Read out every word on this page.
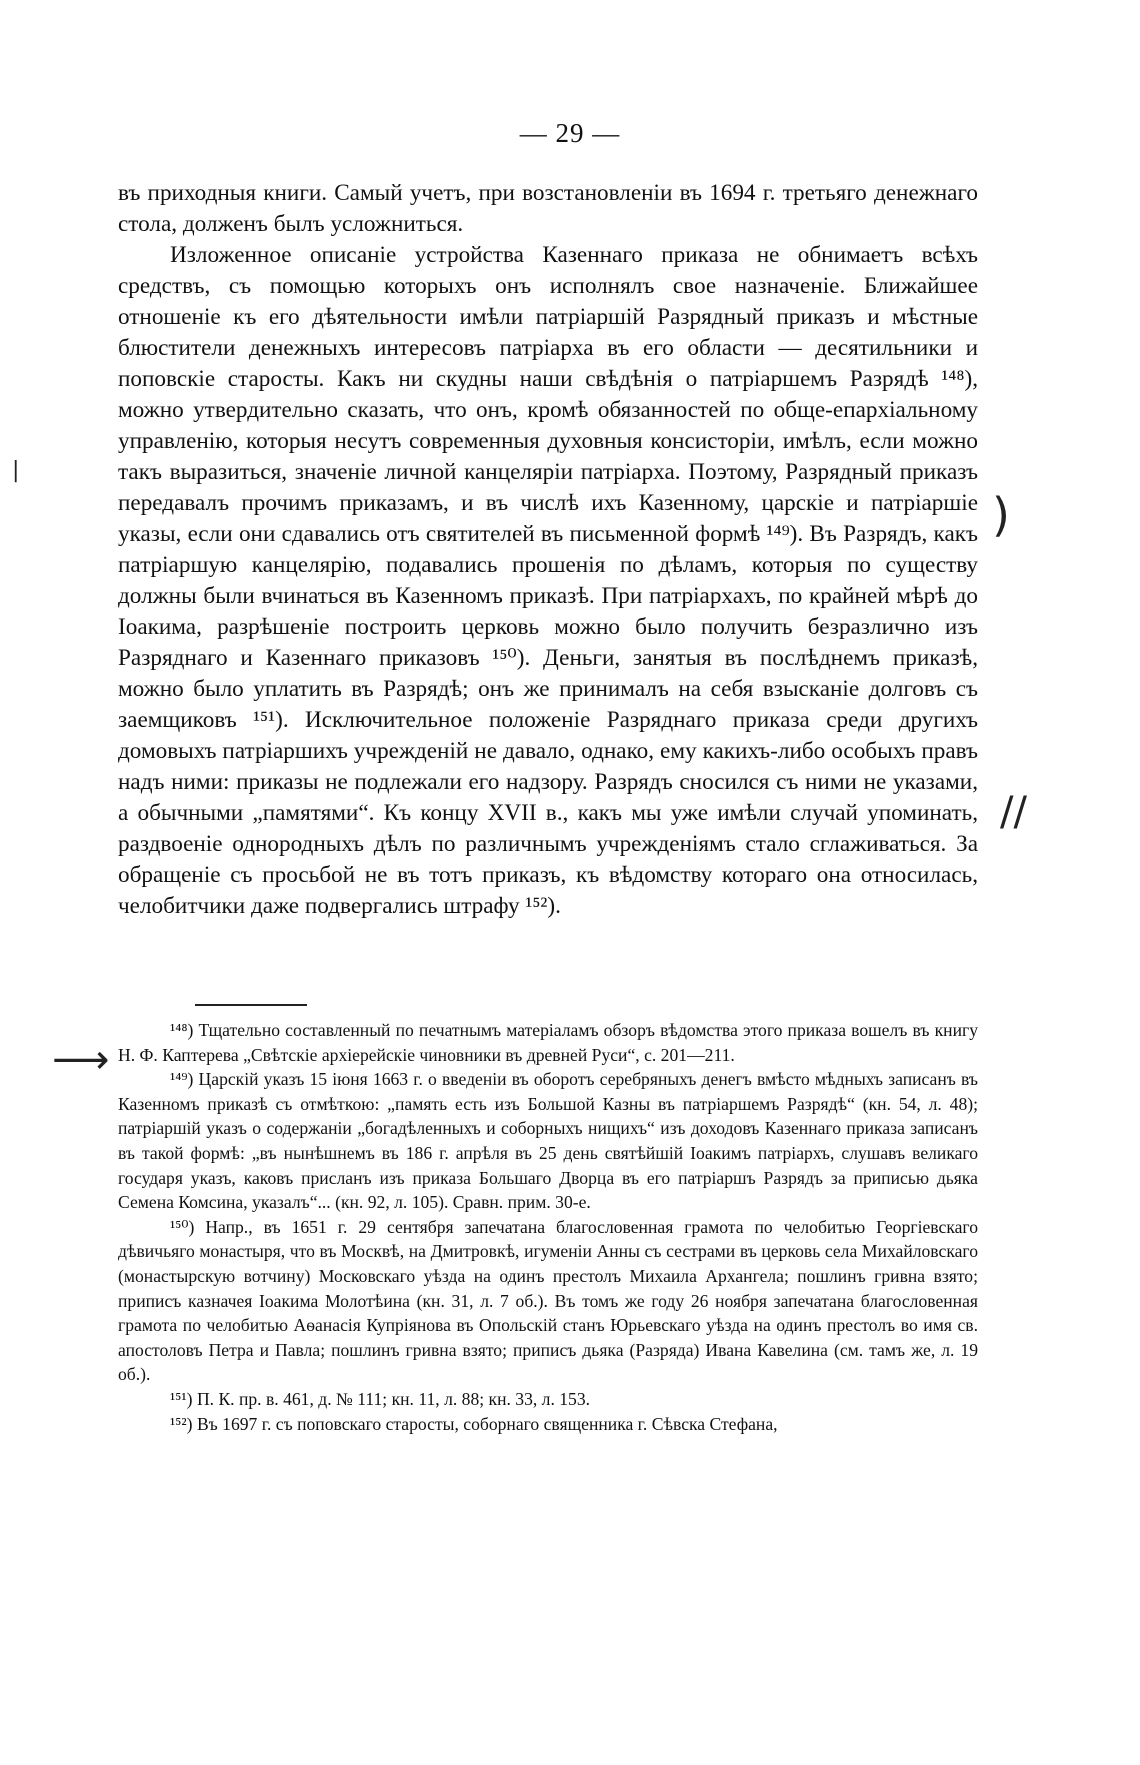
— 29 —

въ приходныя книги. Самый учетъ, при возстановленіи въ 1694 г. третьяго денежнаго стола, долженъ былъ усложниться.

Изложенное описаніе устройства Казеннаго приказа не обнимаетъ всѣхъ средствъ, съ помощью которыхъ онъ исполнялъ свое назначеніе. Ближайшее отношеніе къ его дѣятельности имѣли патріаршій Разрядный приказъ и мѣстные блюстители денежныхъ интересовъ патріарха въ его области — десятильники и поповскіе старосты. Какъ ни скудны наши свѣдѣнія о патріаршемъ Разрядѣ ¹⁴⁸), можно утвердительно сказать, что онъ, кромѣ обязанностей по обще-епархіальному управленію, которыя несутъ современныя духовныя консисторіи, имѣлъ, если можно такъ выразиться, значеніе личной канцеляріи патріарха. Поэтому, Разрядный приказъ передавалъ прочимъ приказамъ, и въ числѣ ихъ Казенному, царскіе и патріаршіе указы, если они сдавались отъ святителей въ письменной формѣ ¹⁴⁹). Въ Разрядъ, какъ патріаршую канцелярію, подавались прошенія по дѣламъ, которыя по существу должны были вчинаться въ Казенномъ приказѣ. При патріархахъ, по крайней мѣрѣ до Іоакима, разрѣшеніе построить церковь можно было получить безразлично изъ Разряднаго и Казеннаго приказовъ ¹⁵⁰). Деньги, занятыя въ послѣднемъ приказѣ, можно было уплатить въ Разрядѣ; онъ же принималъ на себя взысканіе долговъ съ заемщиковъ ¹⁵¹). Исключительное положеніе Разряднаго приказа среди другихъ домовыхъ патріаршихъ учрежденій не давало, однако, ему какихъ-либо особыхъ правъ надъ ними: приказы не подлежали его надзору. Разрядъ сносился съ ними не указами, а обычными „памятями“. Къ концу XVII в., какъ мы уже имѣли случай упоминать, раздвоеніе однородныхъ дѣлъ по различнымъ учрежденіямъ стало сглаживаться. За обращеніе съ просьбой не въ тотъ приказъ, къ вѣдомству котораго она относилась, челобитчики даже подвергались штрафу ¹⁵²).

¹⁴⁸) Тщательно составленный по печатнымъ матеріаламъ обзоръ вѣдомства этого приказа вошелъ въ книгу Н. Ф. Каптерева „Свѣтскіе архіерейскіе чиновники въ древней Руси“, с. 201—211.

¹⁴⁹) Царскій указъ 15 іюня 1663 г. о введеніи въ оборотъ серебряныхъ денегъ вмѣсто мѣдныхъ записанъ въ Казенномъ приказѣ съ отмѣткою: „память есть изъ Большой Казны въ патріаршемъ Разрядѣ“ (кн. 54, л. 48); патріаршій указъ о содержаніи „богадѣленныхъ и соборныхъ нищихъ“ изъ доходовъ Казеннаго приказа записанъ въ такой формѣ: „въ нынѣшнемъ въ 186 г. апрѣля въ 25 день святѣйшій Іоакимъ патріархъ, слушавъ великаго государя указъ, каковъ присланъ изъ приказа Большаго Дворца въ его патріаршъ Разрядъ за приписью дьяка Семена Комсина, указалъ“... (кн. 92, л. 105). Сравн. прим. 30-е.

¹⁵⁰) Напр., въ 1651 г. 29 сентября запечатана благословенная грамота по челобитью Георгіевскаго дѣвичьяго монастыря, что въ Москвѣ, на Дмитровкѣ, игуменіи Анны съ сестрами въ церковь села Михайловскаго (монастырскую вотчину) Московскаго уѣзда на одинъ престолъ Михаила Архангела; пошлинъ гривна взято; приписъ казначея Іоакима Молотѣина (кн. 31, л. 7 об.). Въ томъ же году 26 ноября запечатана благословенная грамота по челобитью Аѳанасія Купріянова въ Опольскій станъ Юрьевскаго уѣзда на одинъ престолъ во имя св. апостоловъ Петра и Павла; пошлинъ гривна взято; приписъ дьяка (Разряда) Ивана Кавелина (см. тамъ же, л. 19 об.).

¹⁵¹) П. К. пр. в. 461, д. № 111; кн. 11, л. 88; кн. 33, л. 153.

¹⁵²) Въ 1697 г. съ поповскаго старосты, соборнаго священника г. Сѣвска Стефана,

|
)
//
⟶
